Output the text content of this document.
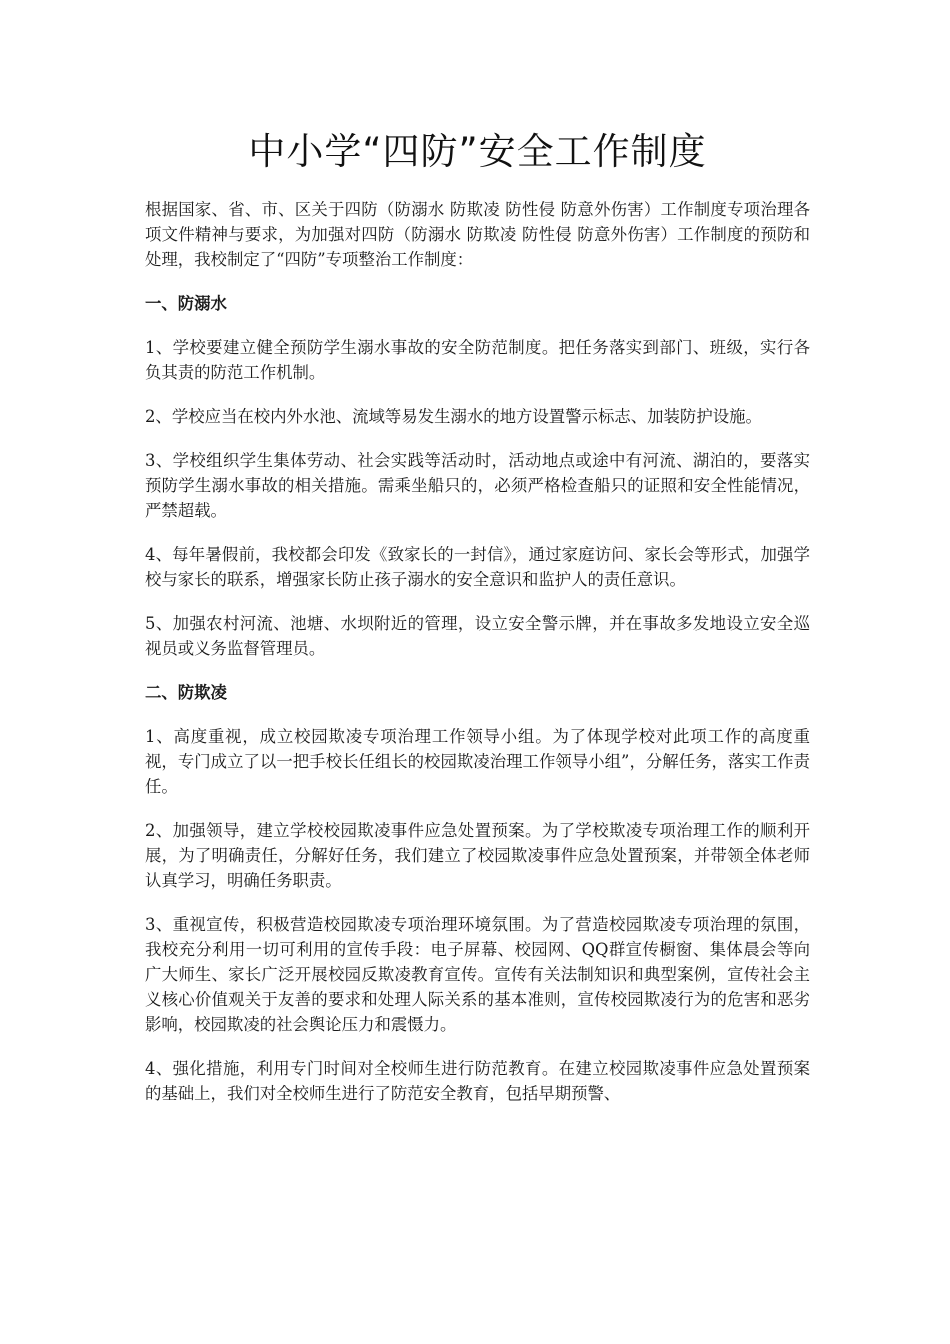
中小学“四防”安全工作制度

根据国家、省、市、区关于四防（防溺水 防欺凌 防性侵 防意外伤害）工作制度专项治理各项文件精神与要求，为加强对四防（防溺水 防欺凌 防性侵 防意外伤害）工作制度的预防和处理，我校制定了“四防”专项整治工作制度：

一、防溺水

1、学校要建立健全预防学生溺水事故的安全防范制度。把任务落实到部门、班级，实行各负其责的防范工作机制。

2、学校应当在校内外水池、流域等易发生溺水的地方设置警示标志、加装防护设施。

3、学校组织学生集体劳动、社会实践等活动时，活动地点或途中有河流、湖泊的，要落实预防学生溺水事故的相关措施。需乘坐船只的，必须严格检查船只的证照和安全性能情况，严禁超载。

4、每年暑假前，我校都会印发《致家长的一封信》，通过家庭访问、家长会等形式，加强学校与家长的联系，增强家长防止孩子溺水的安全意识和监护人的责任意识。

5、加强农村河流、池塘、水坝附近的管理，设立安全警示牌，并在事故多发地设立安全巡视员或义务监督管理员。

二、防欺凌

1、高度重视，成立校园欺凌专项治理工作领导小组。为了体现学校对此项工作的高度重视，专门成立了以一把手校长任组长的校园欺凌治理工作领导小组”，分解任务，落实工作责任。

2、加强领导，建立学校校园欺凌事件应急处置预案。为了学校欺凌专项治理工作的顺利开展，为了明确责任，分解好任务，我们建立了校园欺凌事件应急处置预案，并带领全体老师认真学习，明确任务职责。

3、重视宣传，积极营造校园欺凌专项治理环境氛围。为了营造校园欺凌专项治理的氛围，我校充分利用一切可利用的宣传手段：电子屏幕、校园网、QQ群宣传橱窗、集体晨会等向广大师生、家长广泛开展校园反欺凌教育宣传。宣传有关法制知识和典型案例，宣传社会主义核心价值观关于友善的要求和处理人际关系的基本准则，宣传校园欺凌行为的危害和恶劣影响，校园欺凌的社会舆论压力和震慑力。

4、强化措施，利用专门时间对全校师生进行防范教育。在建立校园欺凌事件应急处置预案的基础上，我们对全校师生进行了防范安全教育，包括早期预警、
